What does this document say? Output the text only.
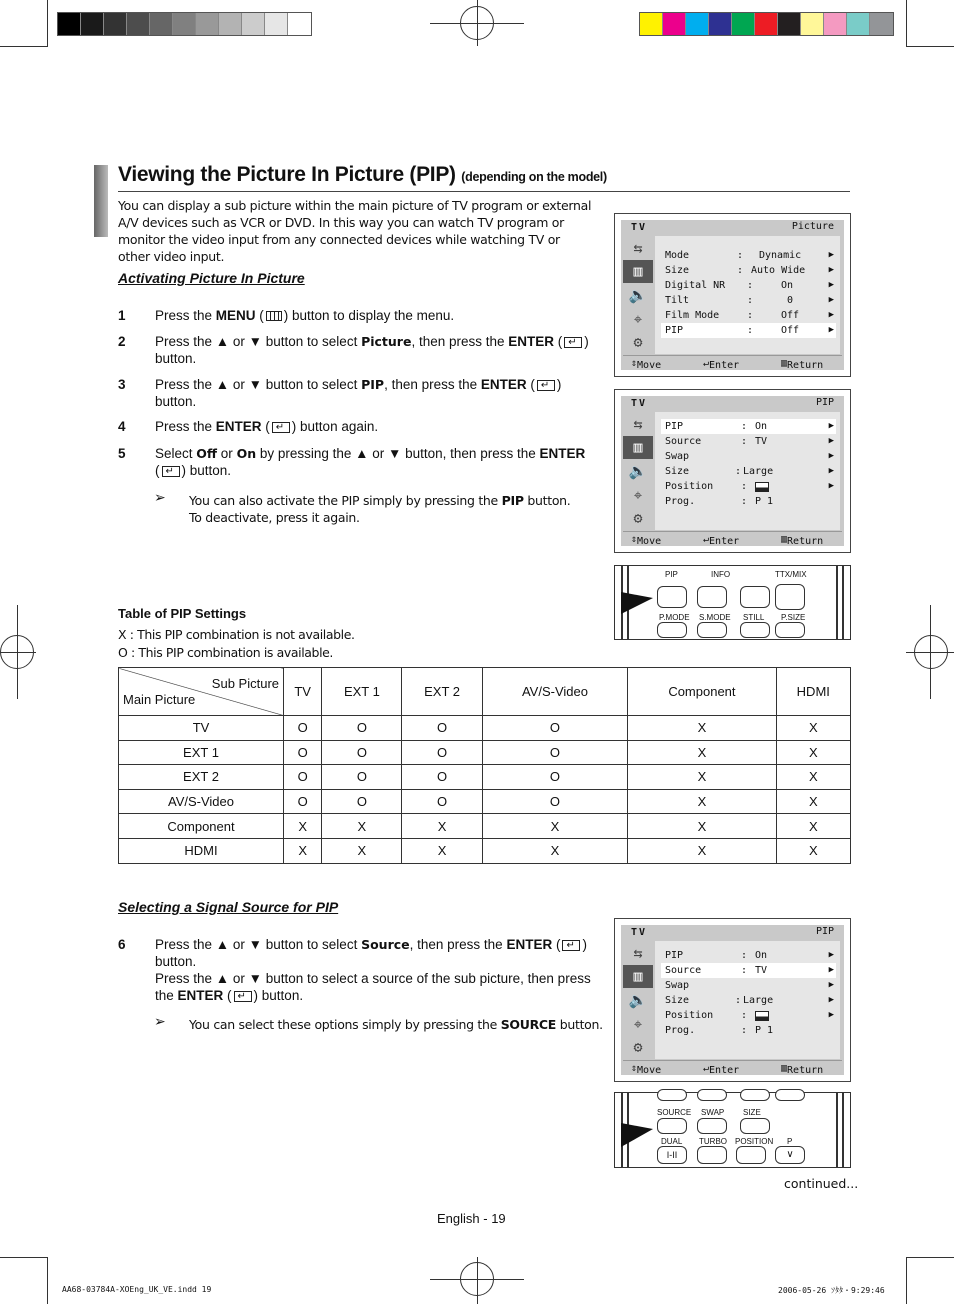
Viewing the Picture In Picture (PIP) (depending on the model)
You can display a sub picture within the main picture of TV program or external A/V devices such as VCR or DVD. In this way you can watch TV program or monitor the video input from any connected devices while watching TV or other video input.
Activating Picture In Picture
1 Press the MENU ( ) button to display the menu.
2 Press the ▲ or ▼ button to select Picture, then press the ENTER (↵ )
button.
3 Press the ▲ or ▼ button to select PIP, then press the ENTER ( ↵ )
button.
4 Press the ENTER ( ↵ ) button again.
5 Select Off or On by pressing the ▲ or ▼ button, then press the ENTER
( ↵ ) button.
➢ You can also activate the PIP simply by pressing the PIP button.
To deactivate, press it again.
TV	Picture
⇆
▥
🔈
⌖
⚙
Mode	: Dynamic	▶
Size	: Auto Wide	▶
Digital NR :	On	▶
Tilt	:	0	▶
Film Mode	:	Off	▶
PIP	:	Off	▶
⇕ Move	↵ Enter	▥ Return
TV	PIP
⇆
▥
🔈
⌖
⚙
PIP	: On	▶
Source	: TV	▶
Swap	▶
Size	: Large	▶
Position	:	▶
Prog.	: P 1
⇕ Move	↵ Enter	▥ Return
PIP	INFO	TTX/MIX
P.MODE S.MODE STILL P.SIZE
Table of PIP Settings
X : This PIP combination is not available.
O : This PIP combination is available.
Sub Picture
Main Picture	TV	EXT 1	EXT 2	AV/S-Video	Component	HDMI
TV	O	O	O	O	X	X
EXT 1	O	O	O	O	X	X
EXT 2	O	O	O	O	X	X
AV/S-Video	O	O	O	O	X	X
Component	X	X	X	X	X	X
HDMI	X	X	X	X	X	X
Selecting a Signal Source for PIP
6 Press the ▲ or ▼ button to select Source, then press the ENTER (↵ )
button.
Press the ▲ or ▼ button to select a source of the sub picture, then press the ENTER ( ↵ ) button.
➢ You can select these options simply by pressing the SOURCE button.
TV	PIP
⇆
▥
🔈
⌖
⚙
PIP	: On	▶
Source	: TV	▶
Swap	▶
Size	: Large	▶
Position	:	▶
Prog.	: P 1
⇕ Move	↵ Enter	▥ Return
SOURCE SWAP SIZE
DUAL TURBO POSITION P
I-II	∨
continued...
English - 19
AA68-03784A-XOEng_UK_VE.indd 19	2006-05-26 ｿﾀﾀ・9:29:46
